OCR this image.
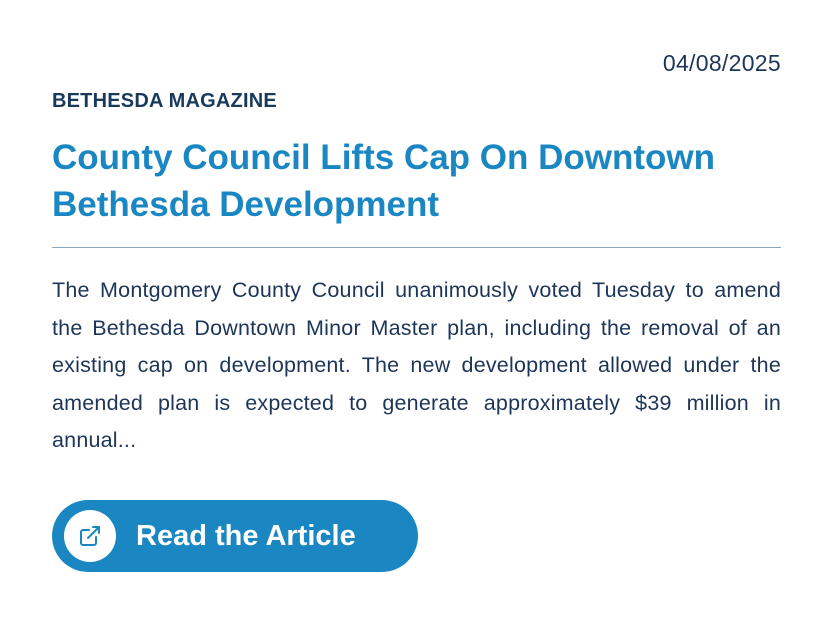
04/08/2025
BETHESDA MAGAZINE
County Council Lifts Cap On Downtown Bethesda Development

The Montgomery County Council unanimously voted Tuesday to amend the Bethesda Downtown Minor Master plan, including the removal of an existing cap on development. The new development allowed under the amended plan is expected to generate approximately $39 million in annual...

Read the Article
